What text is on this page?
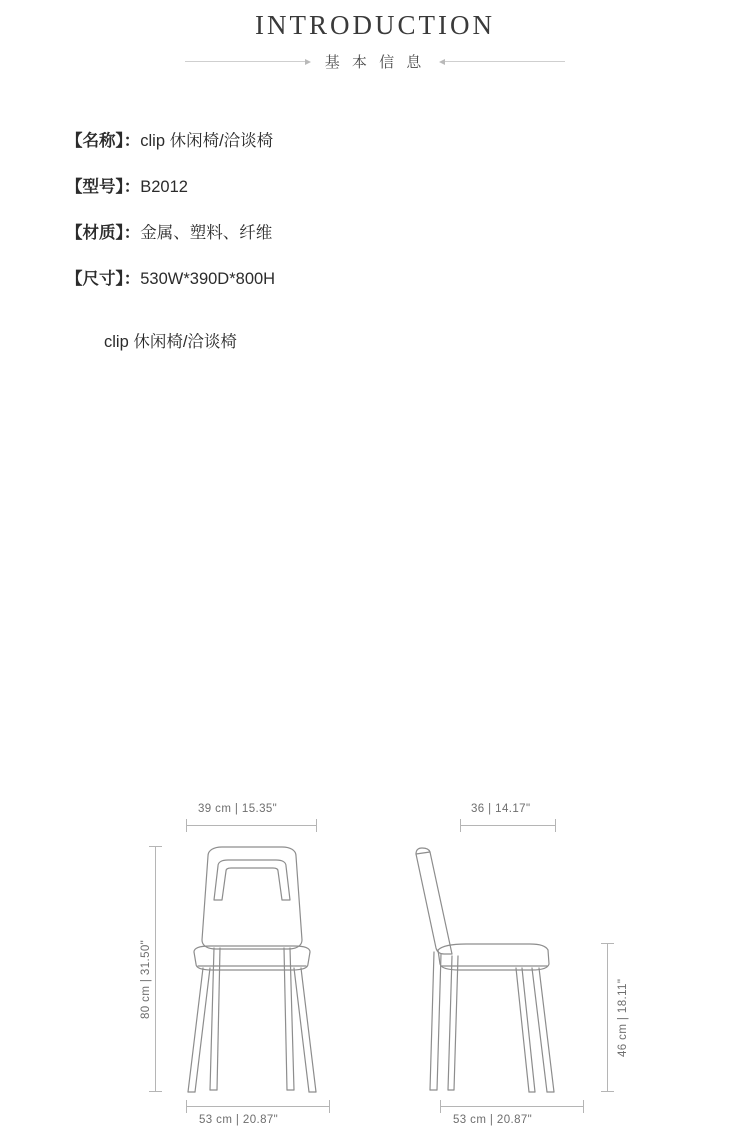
INTRODUCTION
基 本 信 息
【名称】：clip 休闲椅/洽谈椅
【型号】：B2012
【材质】：金属、塑料、纤维
【尺寸】：530W*390D*800H
clip 休闲椅/洽谈椅
39 cm | 15.35"
80 cm | 31.50"
53 cm | 20.87"
36 | 14.17"
46 cm | 18.11"
53 cm | 20.87"
